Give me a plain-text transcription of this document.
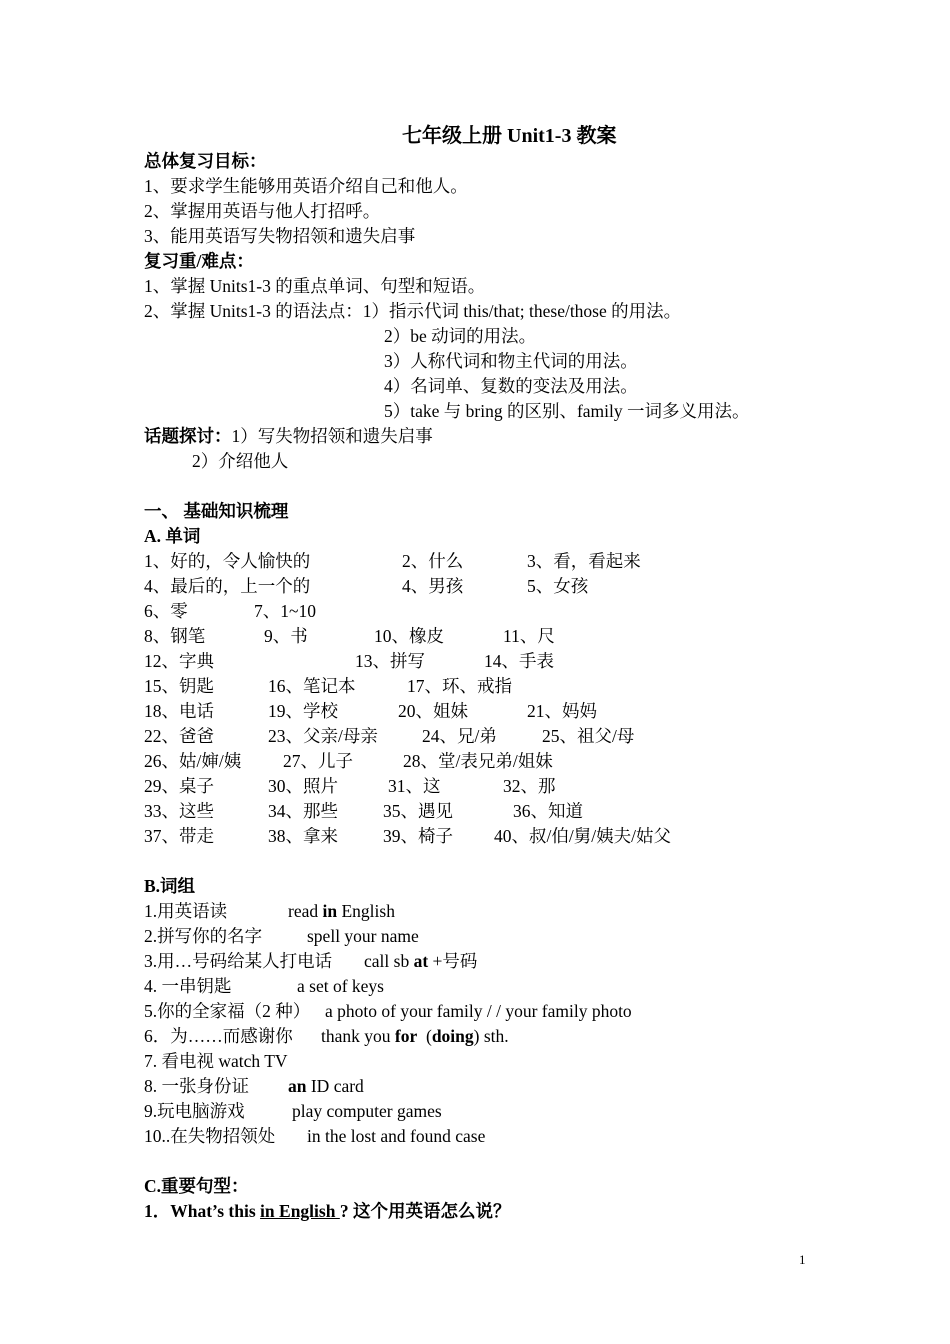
七年级上册 Unit1-3 教案
总体复习目标：
1、要求学生能够用英语介绍自己和他人。
2、掌握用英语与他人打招呼。
3、能用英语写失物招领和遗失启事
复习重/难点：
1、掌握 Units1-3 的重点单词、句型和短语。
2、掌握 Units1-3 的语法点：1）指示代词 this/that; these/those 的用法。
2）be 动词的用法。
3）人称代词和物主代词的用法。
4）名词单、复数的变法及用法。
5）take 与 bring 的区别、family 一词多义用法。
话题探讨：1）写失物招领和遗失启事
2）介绍他人
一、 基础知识梳理
A. 单词
1、好的，令人愉快的	2、什么	3、看，看起来
4、最后的，上一个的	4、男孩	5、女孩
6、零	7、1~10
8、钢笔	9、书	10、橡皮	11、尺
12、字典	13、拼写	14、手表
15、钥匙	16、笔记本	17、环、戒指
18、电话	19、学校	20、姐妹	21、妈妈
22、爸爸	23、父亲/母亲	24、兄/弟	25、祖父/母
26、姑/婶/姨 27、儿子	28、堂/表兄弟/姐妹
29、桌子	30、照片	31、这	32、那
33、这些	34、那些	35、遇见	36、知道
37、带走	38、拿来	39、椅子 40、叔/伯/舅/姨夫/姑父
B.词组
1.用英语读	read in English
2.拼写你的名字	spell your name
3.用…号码给某人打电话 call sb at +号码
4. 一串钥匙	a set of keys
5.你的全家福（2 种） a photo of your family / / your family photo
6．为……而感谢你 thank you for  (doing) sth.
7. 看电视 watch TV
8. 一张身份证 an ID card
9.玩电脑游戏	play computer games
10..在失物招领处 in the lost and found case
C.重要句型：
1．What’s this in English ? 这个用英语怎么说？
1
